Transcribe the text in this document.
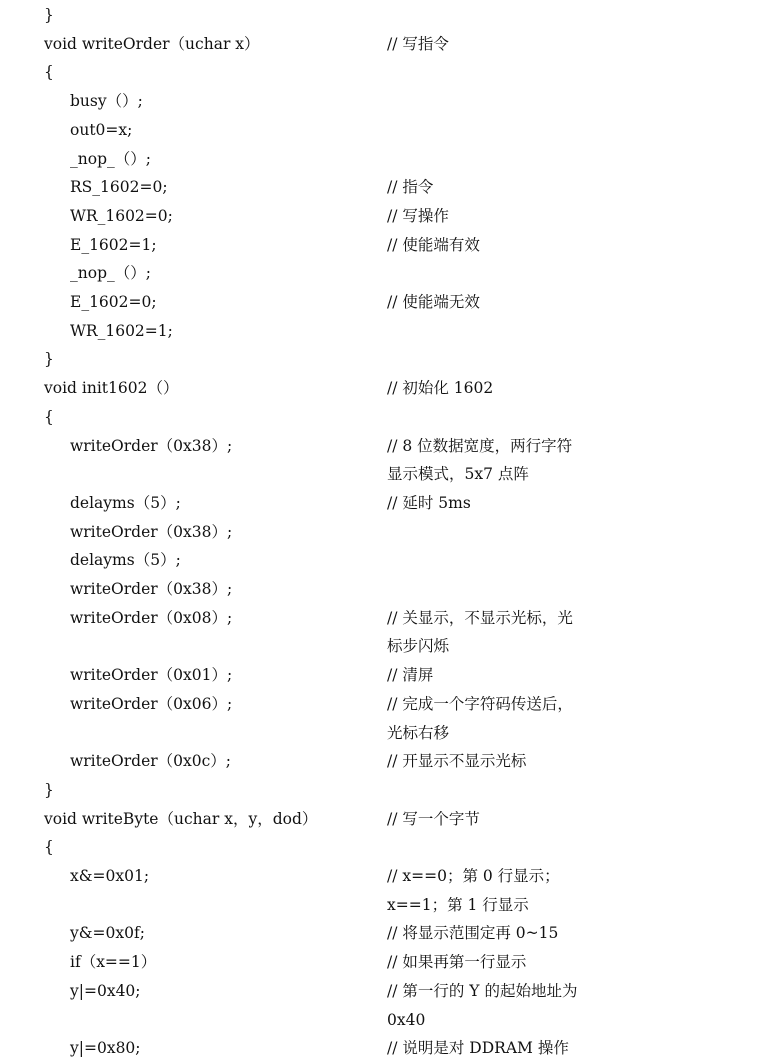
}
void writeOrder（uchar x）	// 写指令
{
busy（）;
out0=x;
_nop_（）;
RS_1602=0;	// 指令
WR_1602=0;	// 写操作
E_1602=1;	// 使能端有效
_nop_（）;
E_1602=0;	// 使能端无效
WR_1602=1;
}
void init1602（）	// 初始化 1602
{
writeOrder（0x38）;	// 8 位数据宽度，两行字符
显示模式，5x7 点阵
delayms（5）;	// 延时 5ms
writeOrder（0x38）;
delayms（5）;
writeOrder（0x38）;
writeOrder（0x08）;	// 关显示，不显示光标，光
标步闪烁
writeOrder（0x01）;	// 清屏
writeOrder（0x06）;	// 完成一个字符码传送后，
光标右移
writeOrder（0x0c）;	// 开显示不显示光标
}
void writeByte（uchar x，y，dod）	// 写一个字节
{
x&=0x01;	// x==0；第 0 行显示；
x==1；第 1 行显示
y&=0x0f;	// 将显示范围定再 0~15
if（x==1）	// 如果再第一行显示
y|=0x40;	// 第一行的 Y 的起始地址为
0x40
y|=0x80;	// 说明是对 DDRAM 操作
